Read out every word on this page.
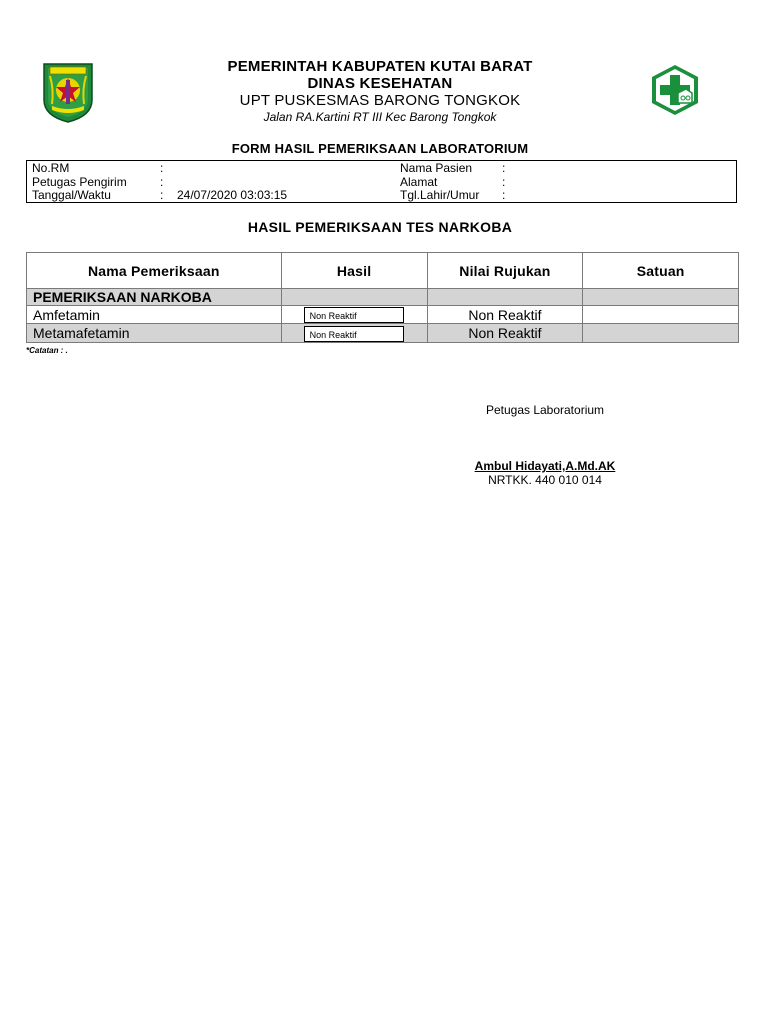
PEMERINTAH KABUPATEN KUTAI BARAT
DINAS KESEHATAN
UPT PUSKESMAS BARONG TONGKOK
Jalan RA.Kartini RT III Kec Barong Tongkok
FORM HASIL PEMERIKSAAN LABORATORIUM
No.RM	:	Nama Pasien :
Petugas Pengirim	:	Alamat	:
Tanggal/Waktu	: 24/07/2020 03:03:15	Tgl.Lahir/Umur :
HASIL PEMERIKSAAN TES NARKOBA
Nama Pemeriksaan	Hasil	Nilai Rujukan	Satuan
PEMERIKSAAN NARKOBA			
Amfetamin	Non Reaktif	Non Reaktif	
Metamafetamin	Non Reaktif	Non Reaktif	
*Catatan : .
Petugas Laboratorium
Ambul Hidayati,A.Md.AK
NRTKK. 440 010 014
